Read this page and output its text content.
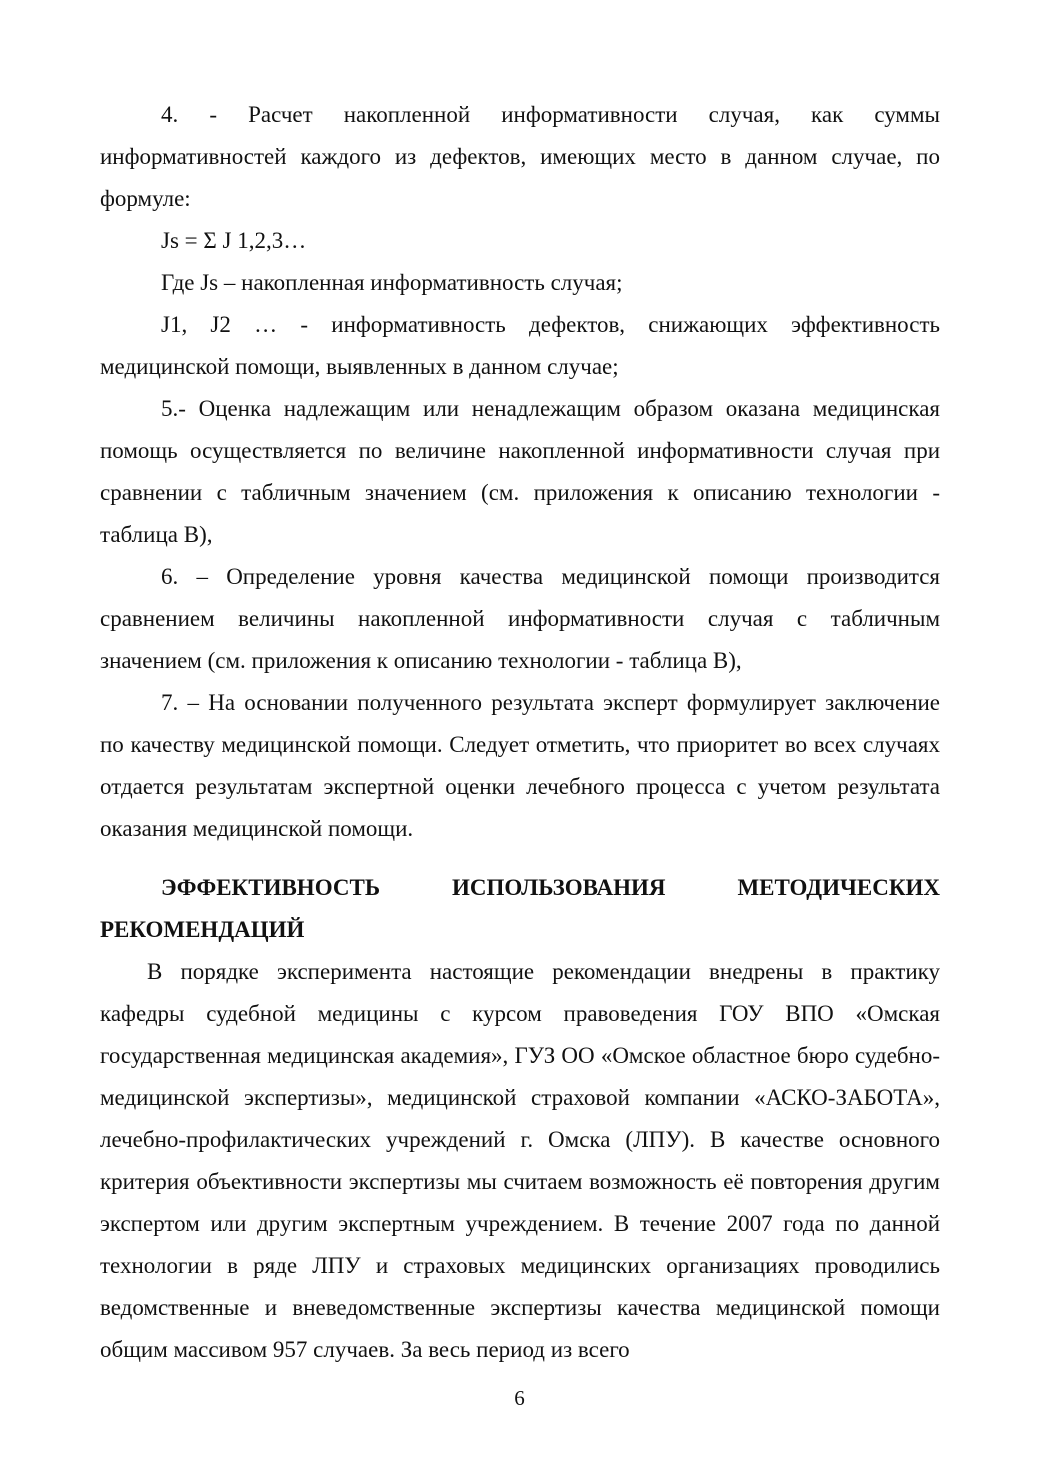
4. - Расчет накопленной информативности случая, как суммы информативностей каждого из дефектов, имеющих место в данном случае, по формуле:

Js = Σ J 1,2,3…

Где Js – накопленная информативность случая;

J1, J2 … - информативность дефектов, снижающих эффективность медицинской помощи, выявленных в данном случае;

5.- Оценка надлежащим или ненадлежащим образом оказана медицинская помощь осуществляется по величине накопленной информативности случая при сравнении с табличным значением (см. приложения к описанию технологии - таблица В),

6. – Определение уровня качества медицинской помощи производится сравнением величины накопленной информативности случая с табличным значением (см. приложения к описанию технологии - таблица В),

7. – На основании полученного результата эксперт формулирует заключение по качеству медицинской помощи. Следует отметить, что приоритет во всех случаях отдается результатам экспертной оценки лечебного процесса с учетом результата оказания медицинской помощи.

ЭФФЕКТИВНОСТЬ ИСПОЛЬЗОВАНИЯ МЕТОДИЧЕСКИХ РЕКОМЕНДАЦИЙ

В порядке эксперимента настоящие рекомендации внедрены в практику кафедры судебной медицины с курсом правоведения ГОУ ВПО «Омская государственная медицинская академия», ГУЗ ОО «Омское областное бюро судебно-медицинской экспертизы», медицинской страховой компании «АСКО-ЗАБОТА», лечебно-профилактических учреждений г. Омска (ЛПУ). В качестве основного критерия объективности экспертизы мы считаем возможность её повторения другим экспертом или другим экспертным учреждением. В течение 2007 года по данной технологии в ряде ЛПУ и страховых медицинских организациях проводились ведомственные и вневедомственные экспертизы качества медицинской помощи общим массивом 957 случаев. За весь период из всего

6
